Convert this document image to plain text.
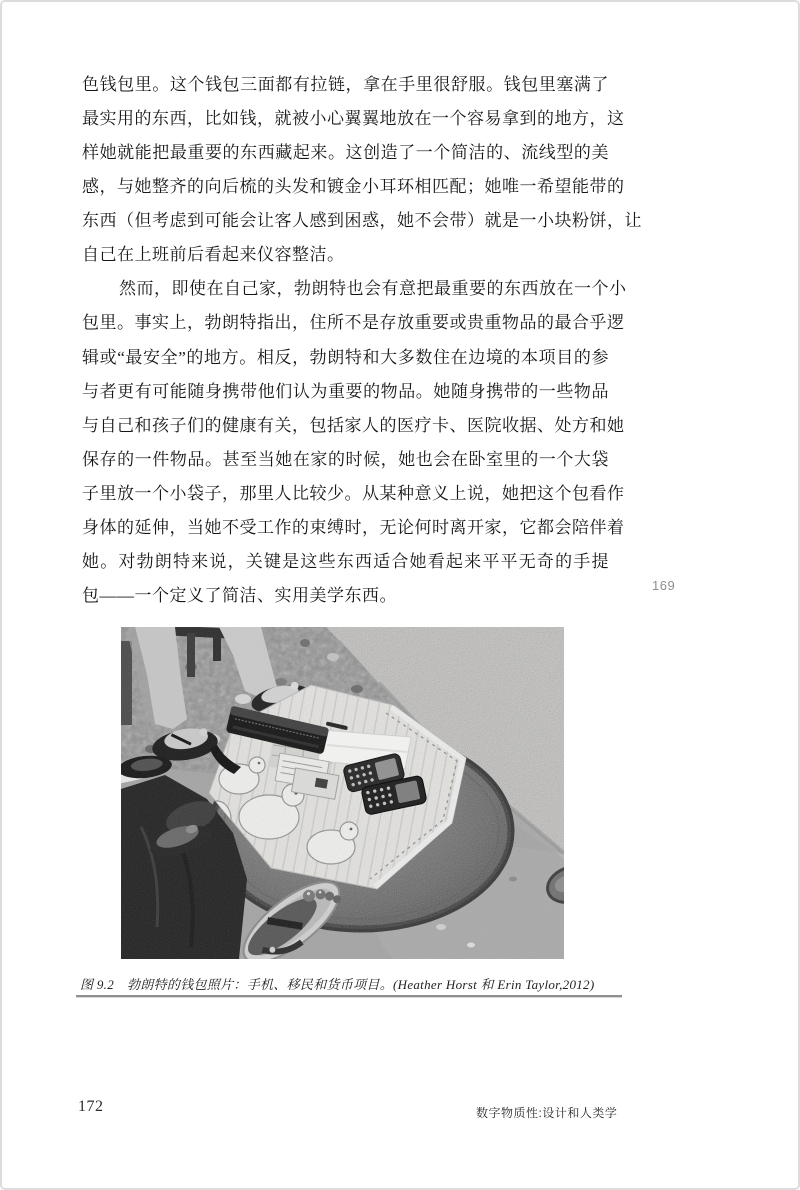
色钱包里。这个钱包三面都有拉链，拿在手里很舒服。钱包里塞满了
最实用的东西，比如钱，就被小心翼翼地放在一个容易拿到的地方，这
样她就能把最重要的东西藏起来。这创造了一个简洁的、流线型的美
感，与她整齐的向后梳的头发和镀金小耳环相匹配；她唯一希望能带的
东西（但考虑到可能会让客人感到困惑，她不会带）就是一小块粉饼，让
自己在上班前后看起来仪容整洁。
然而，即使在自己家，勃朗特也会有意把最重要的东西放在一个小
包里。事实上，勃朗特指出，住所不是存放重要或贵重物品的最合乎逻
辑或“最安全”的地方。相反，勃朗特和大多数住在边境的本项目的参
与者更有可能随身携带他们认为重要的物品。她随身携带的一些物品
与自己和孩子们的健康有关，包括家人的医疗卡、医院收据、处方和她
保存的一件物品。甚至当她在家的时候，她也会在卧室里的一个大袋
子里放一个小袋子，那里人比较少。从某种意义上说，她把这个包看作
身体的延伸，当她不受工作的束缚时，无论何时离开家，它都会陪伴着
她。对勃朗特来说，关键是这些东西适合她看起来平平无奇的手提
包——一个定义了简洁、实用美学东西。
169
图 9.2 勃朗特的钱包照片：手机、移民和货币项目。(Heather Horst 和 Erin Taylor,2012)
172	数字物质性:设计和人类学
